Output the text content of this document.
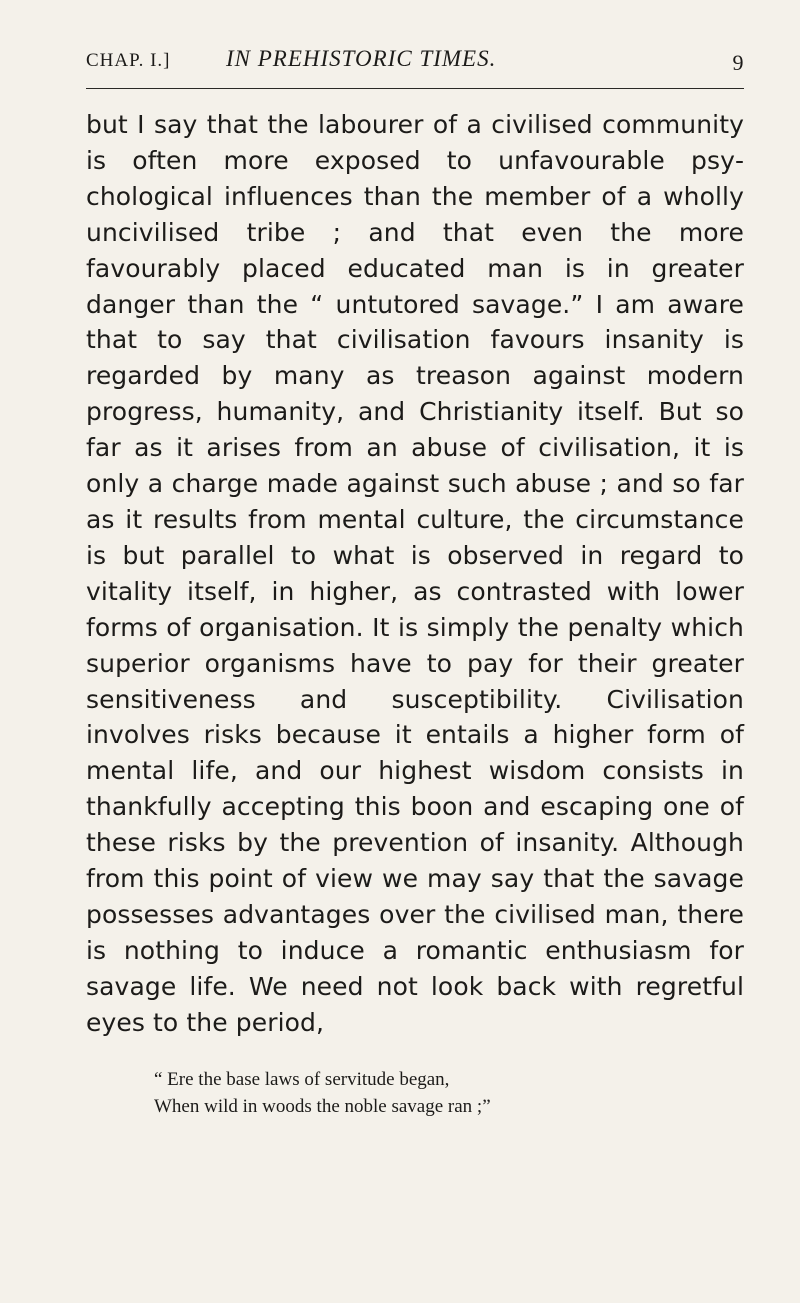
CHAP. I.] IN PREHISTORIC TIMES.	9

but I say that the labourer of a civilised community is often more exposed to unfavourable psychological influences than the member of a wholly uncivilised tribe ; and that even the more favourably placed educated man is in greater danger than the “ untutored savage.” I am aware that to say that civilisation favours insanity is regarded by many as treason against modern progress, humanity, and Christianity itself. But so far as it arises from an abuse of civilisation, it is only a charge made against such abuse ; and so far as it results from mental culture, the circumstance is but parallel to what is observed in regard to vitality itself, in higher, as contrasted with lower forms of organisation. It is simply the penalty which superior organisms have to pay for their greater sensitiveness and susceptibility. Civilisation involves risks because it entails a higher form of mental life, and our highest wisdom consists in thankfully accepting this boon and escaping one of these risks by the prevention of insanity. Although from this point of view we may say that the savage possesses advantages over the civilised man, there is nothing to induce a romantic enthusiasm for savage life. We need not look back with regretful eyes to the period,

“ Ere the base laws of servitude began,
When wild in woods the noble savage ran ;”
